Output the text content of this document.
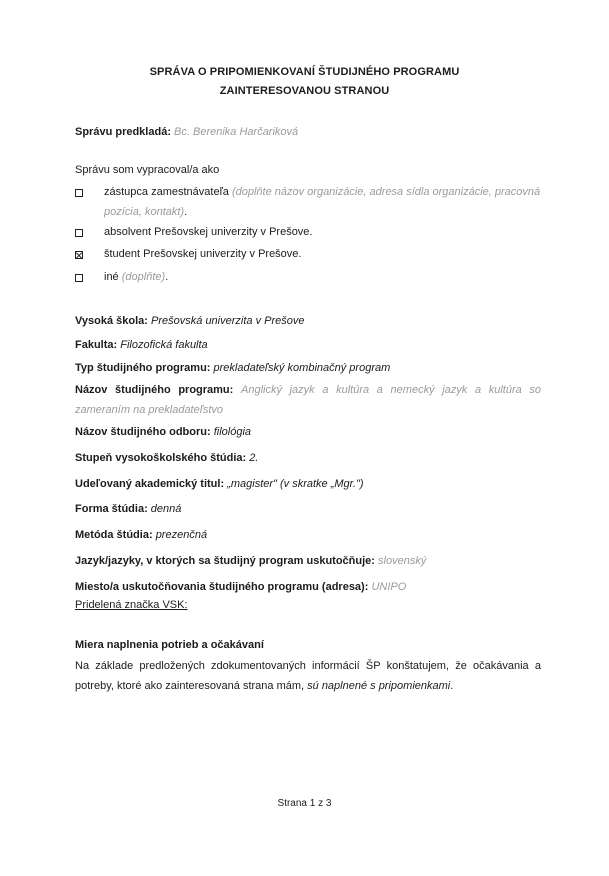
SPRÁVA O PRIPOMIENKOVANÍ ŠTUDIJNÉHO PROGRAMU
ZAINTERESOVANOU STRANOU
Správu predkladá: Bc. Berenika Harčariková
Správu som vypracoval/a ako
zástupca zamestnávateľa (doplňte názov organizácie, adresa sídla organizácie, pracovná pozícia, kontakt).
absolvent Prešovskej univerzity v Prešove.
študent Prešovskej univerzity v Prešove.
iné (doplňte).
Vysoká škola: Prešovská univerzita v Prešove
Fakulta: Filozofická fakulta
Typ študijného programu: prekladateľský kombinačný program
Názov študijného programu: Anglický jazyk a kultúra a nemecký jazyk a kultúra so zameraním na prekladateľstvo
Názov študijného odboru: filológia
Stupeň vysokoškolského štúdia: 2.
Udeľovaný akademický titul: „magister" (v skratke „Mgr.")
Forma štúdia: denná
Metóda štúdia: prezenčná
Jazyk/jazyky, v ktorých sa študijný program uskutočňuje: slovenský
Miesto/a uskutočňovania študijného programu (adresa): UNIPO
Pridelená značka VSK:
Miera naplnenia potrieb a očakávaní
Na základe predložených zdokumentovaných informácií ŠP konštatujem, že očakávania a potreby, ktoré ako zainteresovaná strana mám, sú naplnené s pripomienkami.
Strana 1 z 3
